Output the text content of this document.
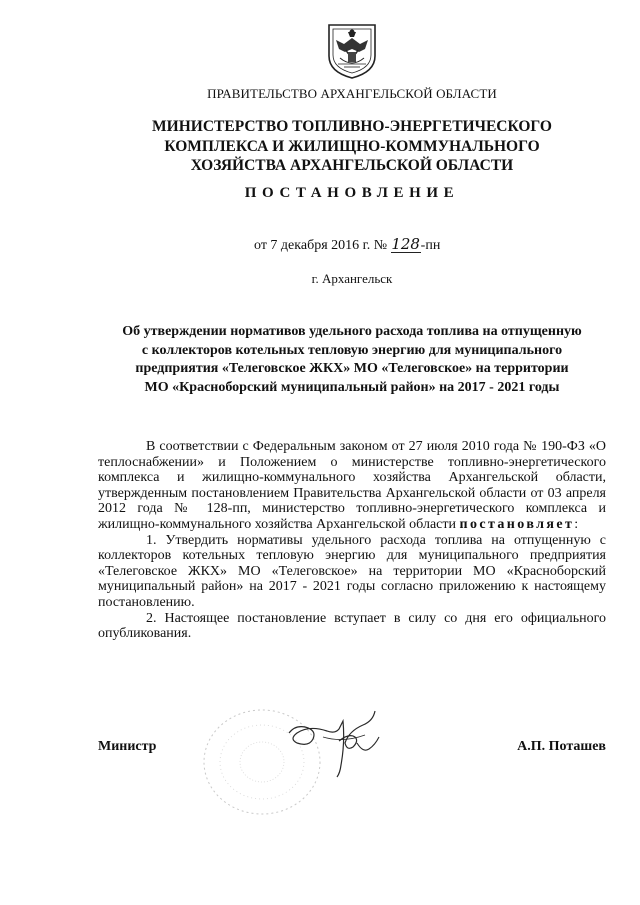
ПРАВИТЕЛЬСТВО АРХАНГЕЛЬСКОЙ ОБЛАСТИ
МИНИСТЕРСТВО ТОПЛИВНО-ЭНЕРГЕТИЧЕСКОГО
КОМПЛЕКСА И ЖИЛИЩНО-КОММУНАЛЬНОГО
ХОЗЯЙСТВА АРХАНГЕЛЬСКОЙ ОБЛАСТИ
ПОСТАНОВЛЕНИЕ
от 7 декабря 2016 г. № 128-пн
г. Архангельск
Об утверждении нормативов удельного расхода топлива на отпущенную
с коллекторов котельных тепловую энергию для муниципального
предприятия «Телеговское ЖКХ» МО «Телеговское» на территории
МО «Красноборский муниципальный район» на 2017 - 2021 годы

В соответствии с Федеральным законом от 27 июля 2010 года № 190-ФЗ «О теплоснабжении» и Положением о министерстве топливно-энергетического комплекса и жилищно-коммунального хозяйства Архангельской области, утвержденным постановлением Правительства Архангельской области от 03 апреля 2012 года № 128-пп, министерство топливно-энергетического комплекса и жилищно-коммунального хозяйства Архангельской области постановляет:

1. Утвердить нормативы удельного расхода топлива на отпущенную с коллекторов котельных тепловую энергию для муниципального предприятия «Телеговское ЖКХ» МО «Телеговское» на территории МО «Красноборский муниципальный район» на 2017 - 2021 годы согласно приложению к настоящему постановлению.

2. Настоящее постановление вступает в силу со дня его официального опубликования.

Министр	А.П. Поташев
